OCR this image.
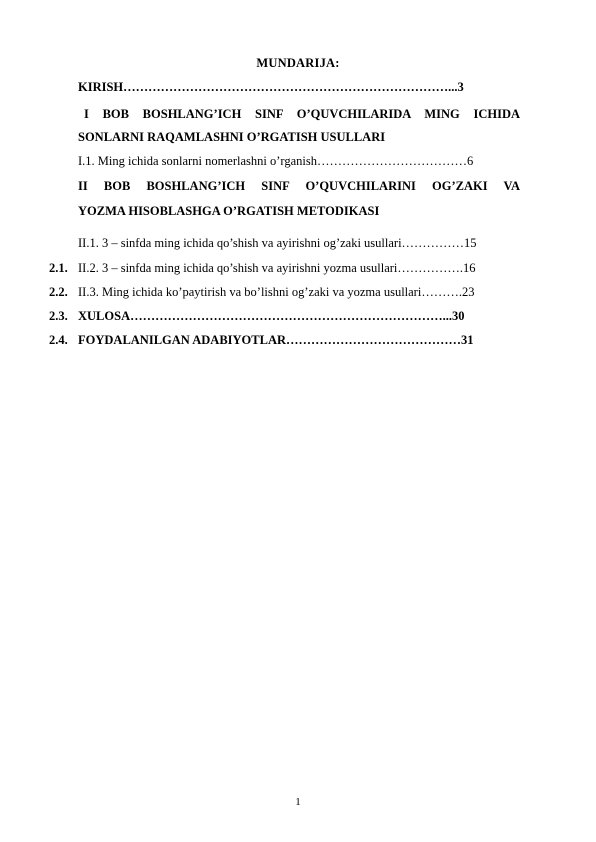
MUNDARIJA:
KIRISH……………………………………………………………………...3
I BOB BOSHLANG’ICH SINF O’QUVCHILARIDA MING ICHIDA
SONLARNI RAQAMLASHNI O’RGATISH USULLARI
I.1. Ming ichida sonlarni nomerlashni o’rganish………………………………6
II BOB BOSHLANG’ICH SINF O’QUVCHILARINI OG’ZAKI VA
YOZMA HISOBLASHGA O’RGATISH METODIKASI
II.1. 3 – sinfda ming ichida qo’shish va ayirishni og’zaki usullari……………15
2.1. II.2. 3 – sinfda ming ichida qo’shish va ayirishni yozma usullari…………….16
2.2. II.3. Ming ichida ko’paytirish va bo’lishni og’zaki va yozma usullari……….23
2.3. XULOSA…………………………………………………………………...30
2.4. FOYDALANILGAN ADABIYOTLAR……………………………………31
1
